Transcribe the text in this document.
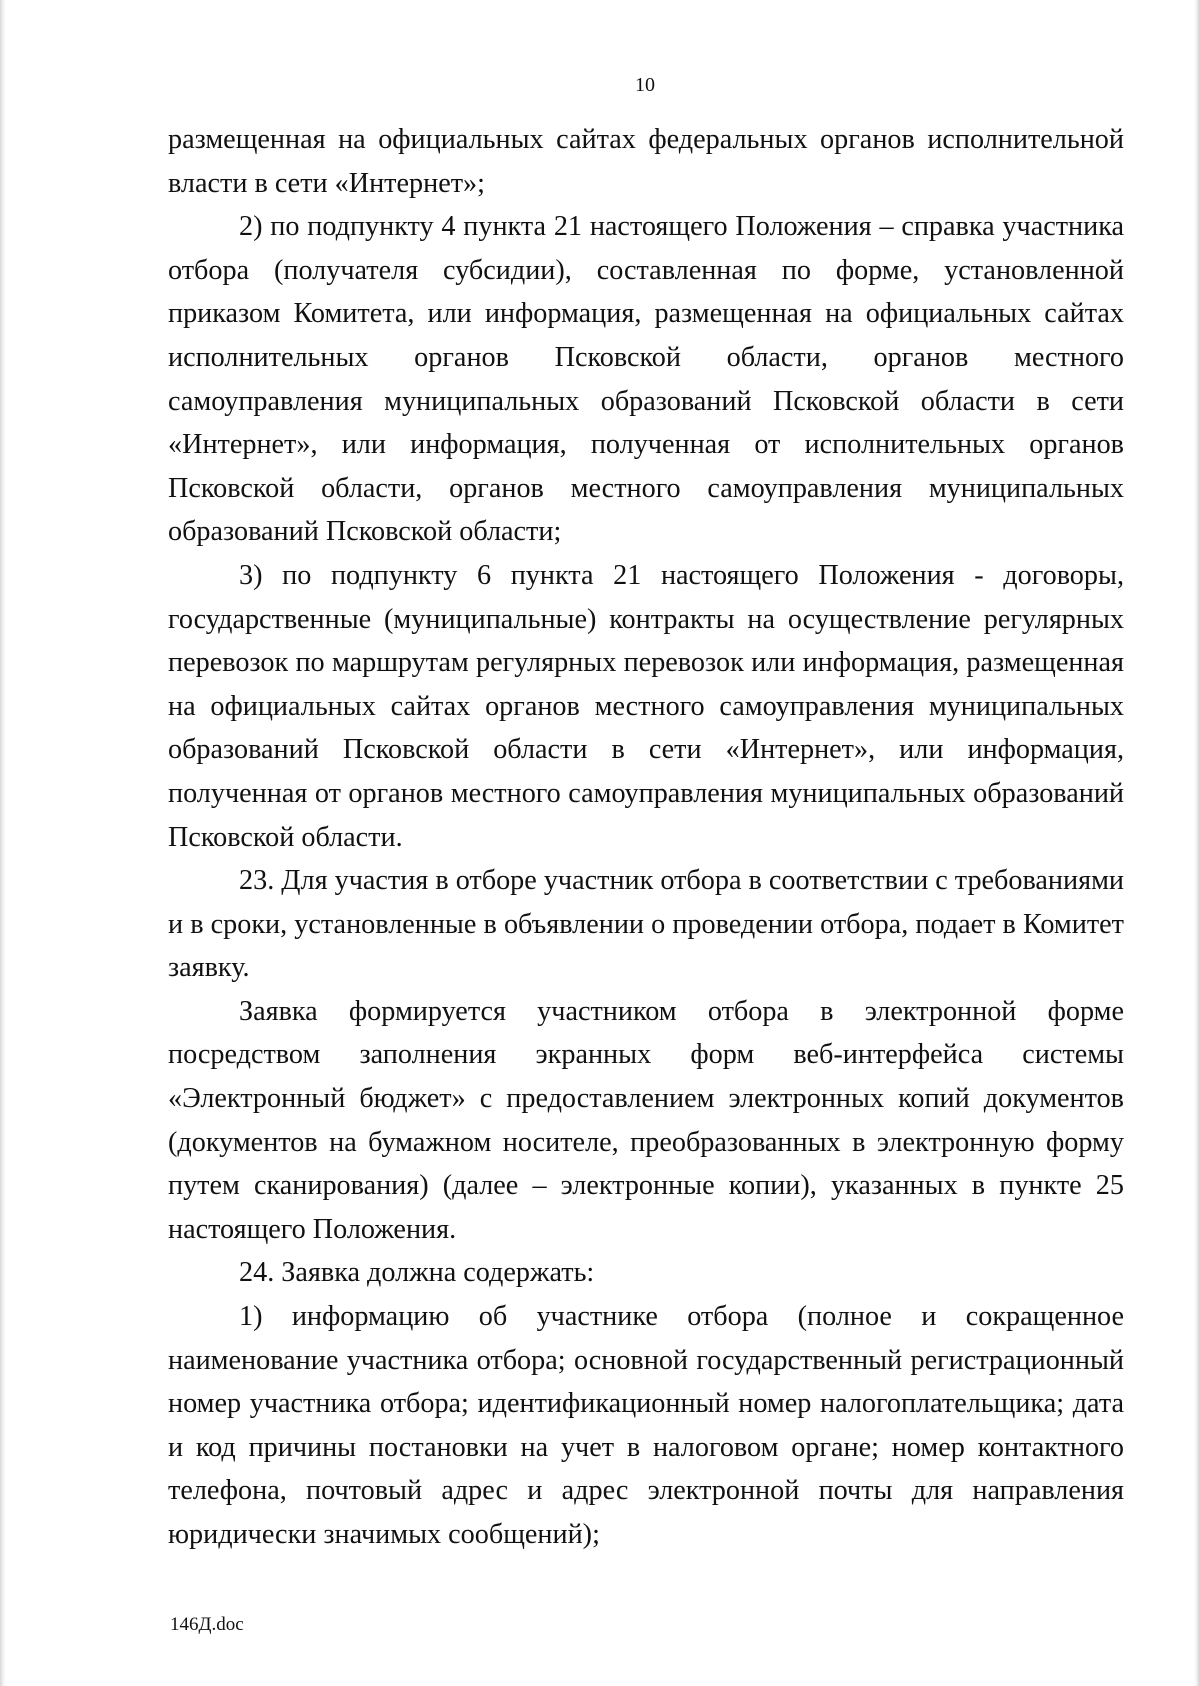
10

размещенная на официальных сайтах федеральных органов исполнительной власти в сети «Интернет»;

2) по подпункту 4 пункта 21 настоящего Положения – справка участника отбора (получателя субсидии), составленная по форме, установленной приказом Комитета, или информация, размещенная на официальных сайтах исполнительных органов Псковской области, органов местного самоуправления муниципальных образований Псковской области в сети «Интернет», или информация, полученная от исполнительных органов Псковской области, органов местного самоуправления муниципальных образований Псковской области;

3) по подпункту 6 пункта 21 настоящего Положения - договоры, государственные (муниципальные) контракты на осуществление регулярных перевозок по маршрутам регулярных перевозок или информация, размещенная на официальных сайтах органов местного самоуправления муниципальных образований Псковской области в сети «Интернет», или информация, полученная от органов местного самоуправления муниципальных образований Псковской области.

23. Для участия в отборе участник отбора в соответствии с требованиями и в сроки, установленные в объявлении о проведении отбора, подает в Комитет заявку.

Заявка формируется участником отбора в электронной форме посредством заполнения экранных форм веб-интерфейса системы «Электронный бюджет» с предоставлением электронных копий документов (документов на бумажном носителе, преобразованных в электронную форму путем сканирования) (далее – электронные копии), указанных в пункте 25 настоящего Положения.

24. Заявка должна содержать:

1) информацию об участнике отбора (полное и сокращенное наименование участника отбора; основной государственный регистрационный номер участника отбора; идентификационный номер налогоплательщика; дата и код причины постановки на учет в налоговом органе; номер контактного телефона, почтовый адрес и адрес электронной почты для направления юридически значимых сообщений);

146Д.doc
